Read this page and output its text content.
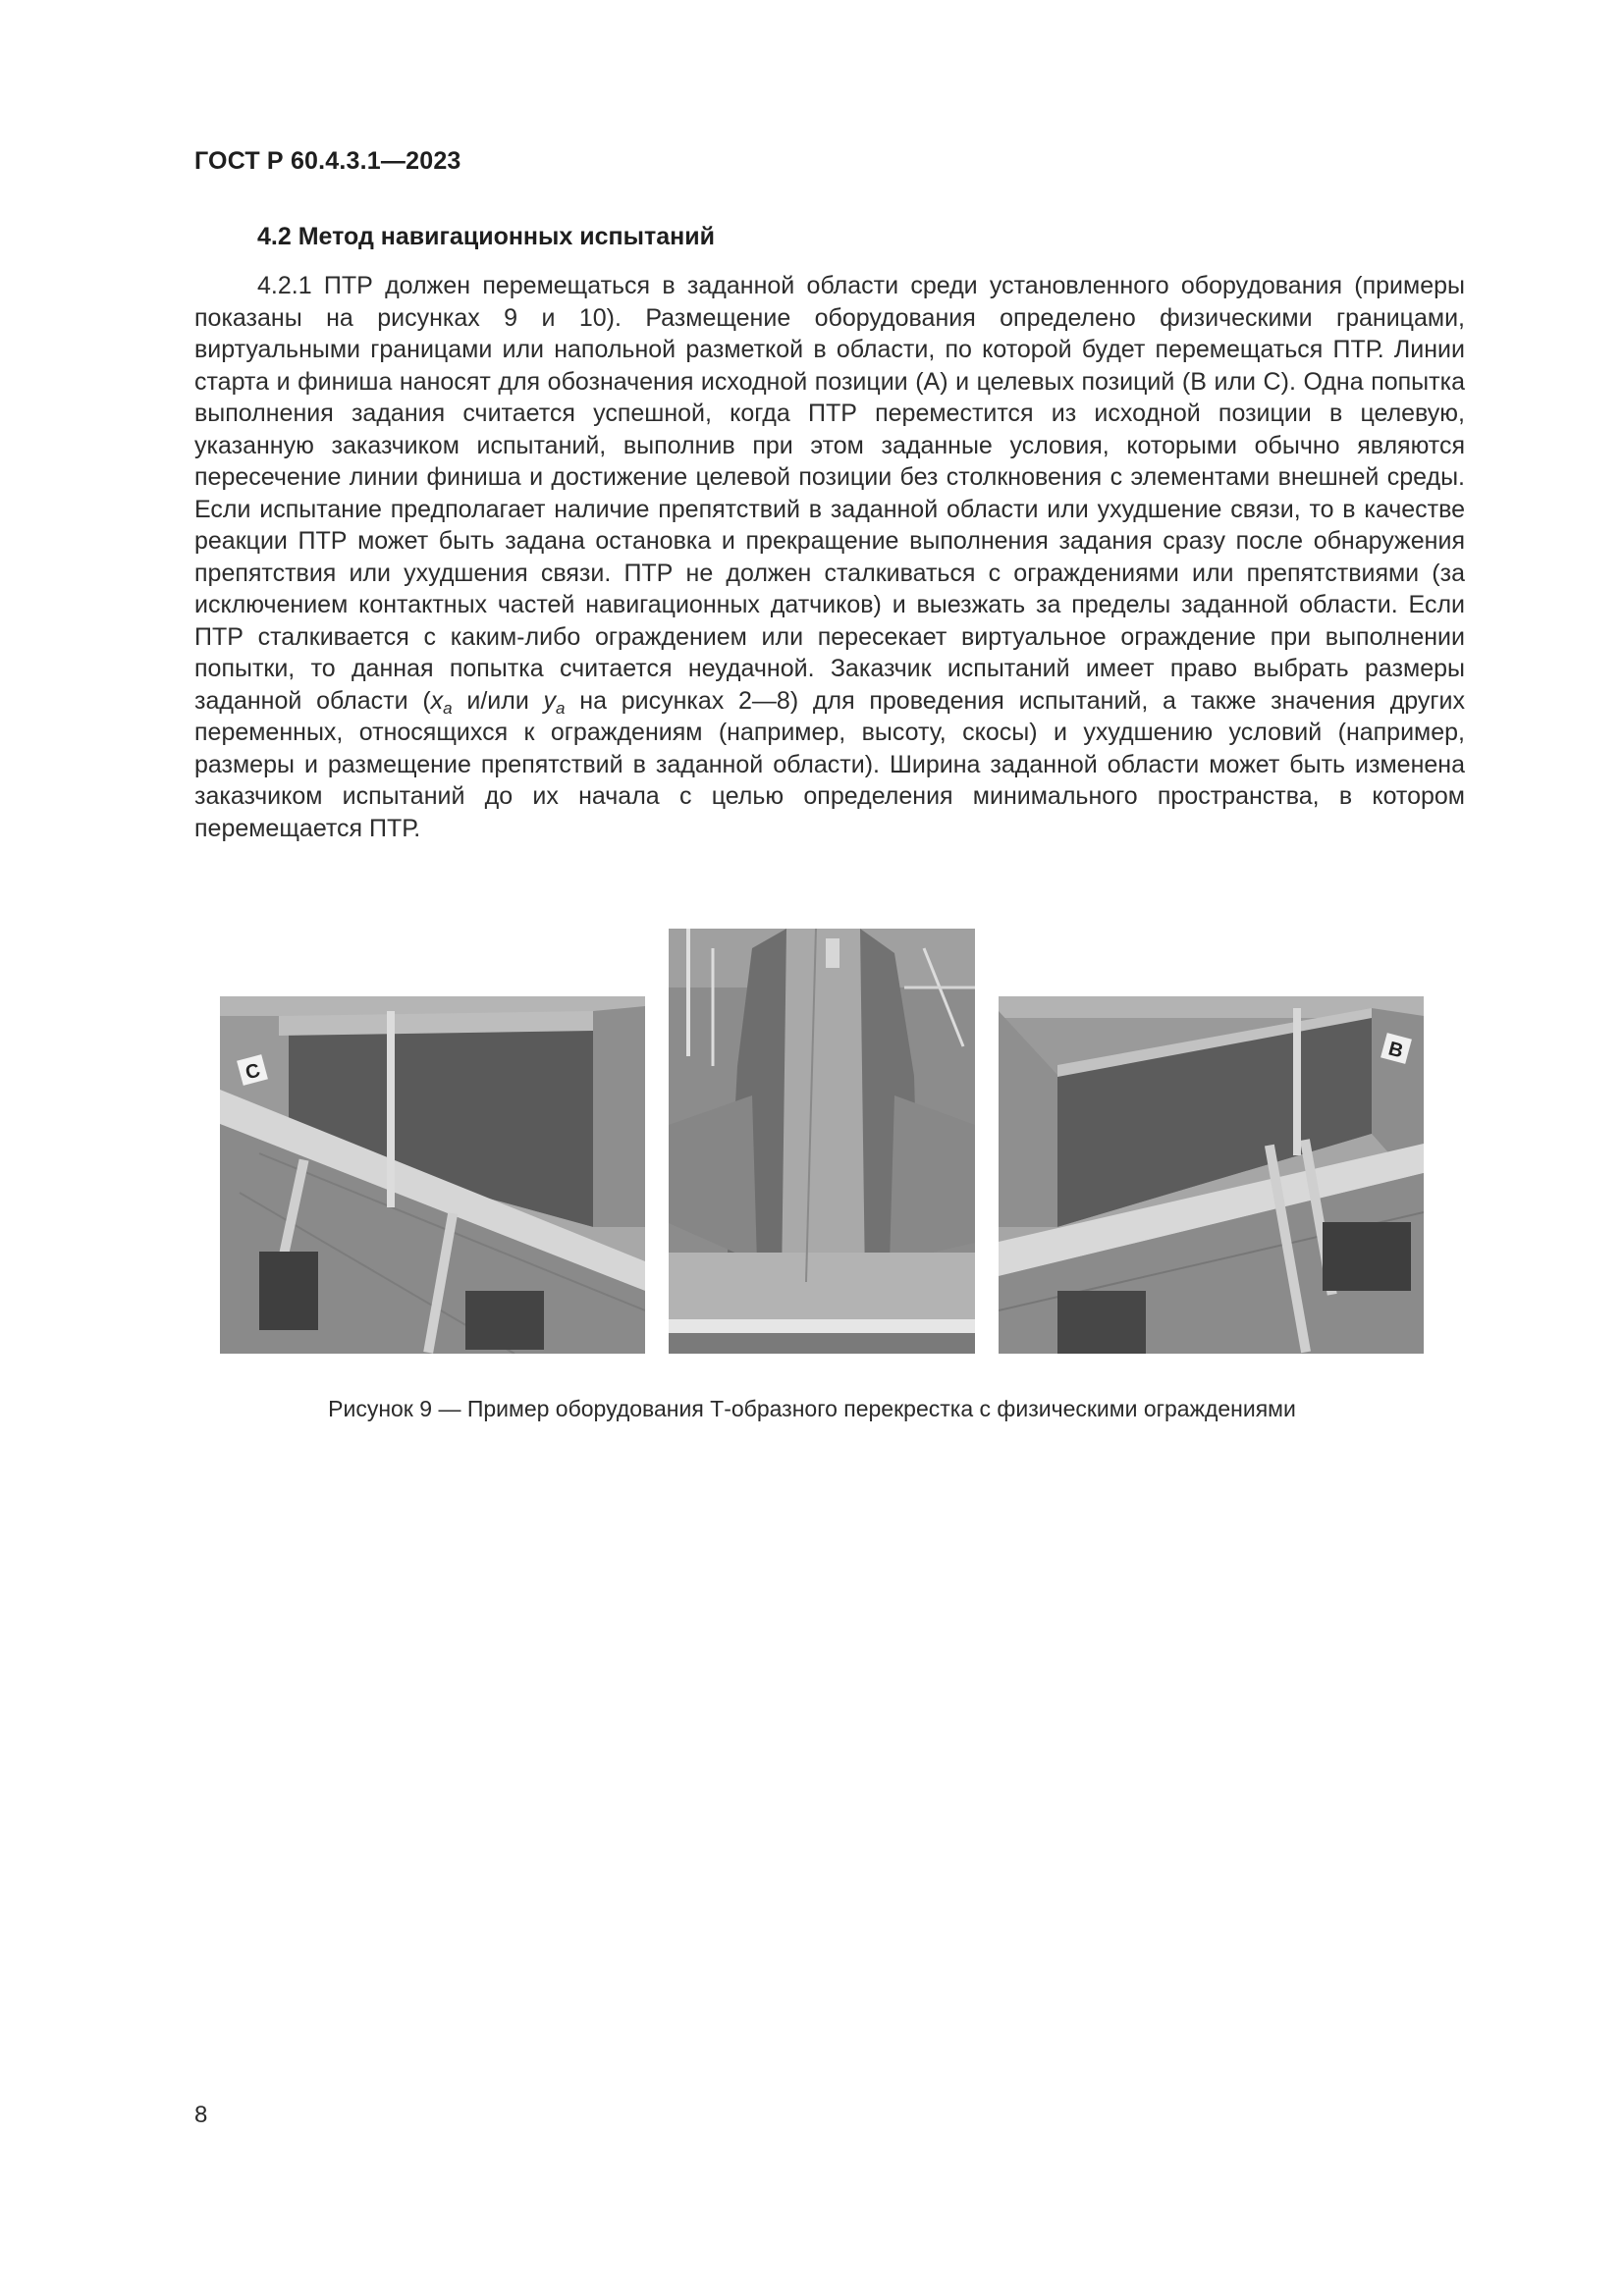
ГОСТ Р 60.4.3.1—2023
4.2 Метод навигационных испытаний

4.2.1 ПТР должен перемещаться в заданной области среди установленного оборудования (примеры показаны на рисунках 9 и 10). Размещение оборудования определено физическими границами, виртуальными границами или напольной разметкой в области, по которой будет перемещаться ПТР. Линии старта и финиша наносят для обозначения исходной позиции (А) и целевых позиций (В или С). Одна попытка выполнения задания считается успешной, когда ПТР переместится из исходной позиции в целевую, указанную заказчиком испытаний, выполнив при этом заданные условия, которыми обычно являются пересечение линии финиша и достижение целевой позиции без столкновения с элементами внешней среды. Если испытание предполагает наличие препятствий в заданной области или ухудшение связи, то в качестве реакции ПТР может быть задана остановка и прекращение выполнения задания сразу после обнаружения препятствия или ухудшения связи. ПТР не должен сталкиваться с ограждениями или препятствиями (за исключением контактных частей навигационных датчиков) и выезжать за пределы заданной области. Если ПТР сталкивается с каким-либо ограждением или пересекает виртуальное ограждение при выполнении попытки, то данная попытка считается неудачной. Заказчик испытаний имеет право выбрать размеры заданной области ($x_a$ и/или $y_a$ на рисунках 2—8) для проведения испытаний, а также значения других переменных, относящихся к ограждениям (например, высоту, скосы) и ухудшению условий (например, размеры и размещение препятствий в заданной области). Ширина заданной области может быть изменена заказчиком испытаний до их начала с целью определения минимального пространства, в котором перемещается ПТР.

C
B
Рисунок 9 — Пример оборудования Т-образного перекрестка с физическими ограждениями
8
